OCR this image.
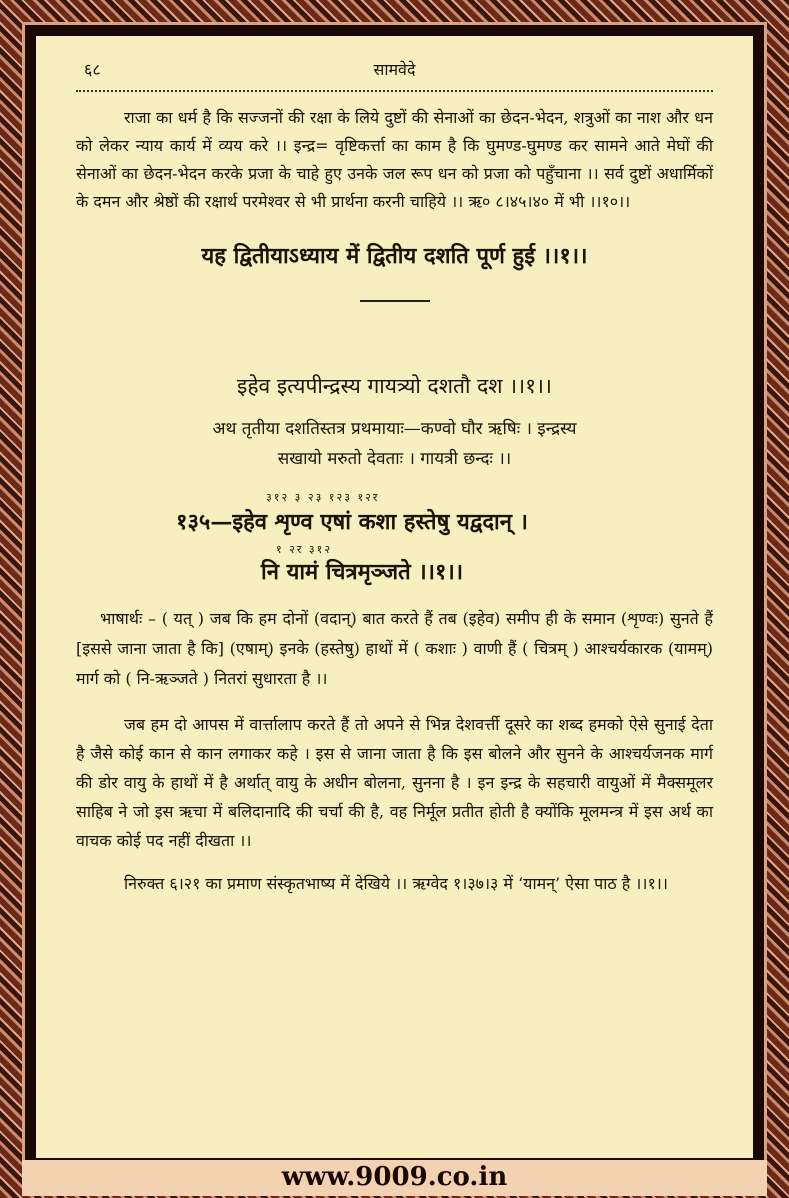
६८	सामवेदे

राजा का धर्म है कि सज्जनों की रक्षा के लिये दुष्टों की सेनाओं का छेदन-भेदन, शत्रुओं का नाश और धन को लेकर न्याय कार्य में व्यय करे ।। इन्द्र= वृष्टिकर्त्ता का काम है कि घुमण्ड-घुमण्ड कर सामने आते मेघों की सेनाओं का छेदन-भेदन करके प्रजा के चाहे हुए उनके जल रूप धन को प्रजा को पहुँचाना ।। सर्व दुष्टों अधार्मिकों के दमन और श्रेष्ठों की रक्षार्थ परमेश्वर से भी प्रार्थना करनी चाहिये ।। ऋ० ८।४५।४० में भी ।।१०।।

यह द्वितीयाऽध्याय में द्वितीय दशति पूर्ण हुई ।।१।।

इहेव इत्यपीन्द्रस्य गायत्र्यो दशतौ दश ।।१।।

अथ तृतीया दशतिस्तत्र प्रथमायाः—कण्वो घौर ऋषिः । इन्द्रस्य
सखायो मरुतो देवताः । गायत्री छन्दः ।।

३१२ ३ २३ १२३ १२र

१३५—इहेव शृण्व एषां कशा हस्तेषु यद्वदान् ।

१ २र ३१२

नि यामं चित्रमृञ्जते ।।१।।

भाषार्थः – ( यत् ) जब कि हम दोनों (वदान्) बात करते हैं तब (इहेव) समीप ही के समान (शृण्वः) सुनते हैं [इससे जाना जाता है कि] (एषाम्) इनके (हस्तेषु) हाथों में ( कशाः ) वाणी हैं ( चित्रम् ) आश्चर्यकारक (यामम्) मार्ग को ( नि-ऋञ्जते ) नितरां सुधारता है ।।

जब हम दो आपस में वार्त्तालाप करते हैं तो अपने से भिन्न देशवर्त्ती दूसरे का शब्द हमको ऐसे सुनाई देता है जैसे कोई कान से कान लगाकर कहे । इस से जाना जाता है कि इस बोलने और सुनने के आश्चर्यजनक मार्ग की डोर वायु के हाथों में है अर्थात् वायु के अधीन बोलना, सुनना है । इन इन्द्र के सहचारी वायुओं में मैक्समूलर साहिब ने जो इस ऋचा में बलिदानादि की चर्चा की है, वह निर्मूल प्रतीत होती है क्योंकि मूलमन्त्र में इस अर्थ का वाचक कोई पद नहीं दीखता ।।

निरुक्त ६।२१ का प्रमाण संस्कृतभाष्य में देखिये ।। ऋग्वेद १।३७।३ में ‘यामन्’ ऐसा पाठ है ।।१।।

www.9009.co.in
